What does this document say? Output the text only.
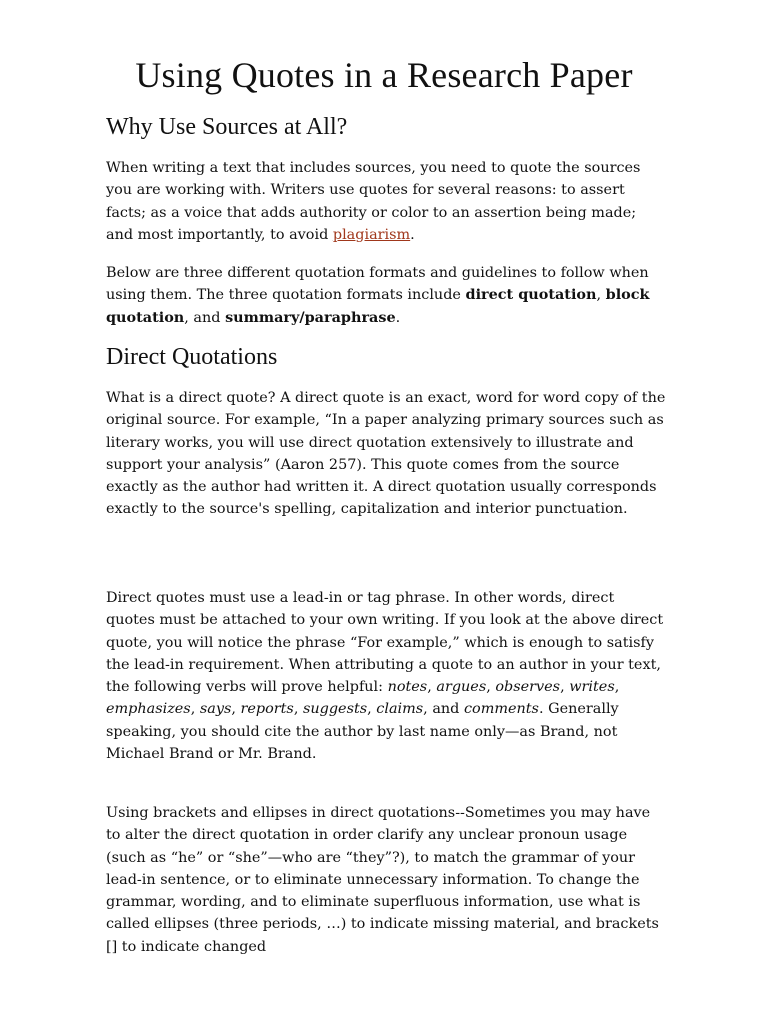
Using Quotes in a Research Paper
Why Use Sources at All?

When writing a text that includes sources, you need to quote the sources you are working with. Writers use quotes for several reasons: to assert facts; as a voice that adds authority or color to an assertion being made; and most importantly, to avoid plagiarism.

Below are three different quotation formats and guidelines to follow when using them. The three quotation formats include direct quotation, block quotation, and summary/paraphrase.

Direct Quotations

What is a direct quote? A direct quote is an exact, word for word copy of the original source. For example, “In a paper analyzing primary sources such as literary works, you will use direct quotation extensively to illustrate and support your analysis” (Aaron 257). This quote comes from the source exactly as the author had written it. A direct quotation usually corresponds exactly to the source's spelling, capitalization and interior punctuation.

Direct quotes must use a lead-in or tag phrase. In other words, direct quotes must be attached to your own writing. If you look at the above direct quote, you will notice the phrase “For example,” which is enough to satisfy the lead-in requirement. When attributing a quote to an author in your text, the following verbs will prove helpful: notes, argues, observes, writes, emphasizes, says, reports, suggests, claims, and comments. Generally speaking, you should cite the author by last name only—as Brand, not Michael Brand or Mr. Brand.

Using brackets and ellipses in direct quotations--Sometimes you may have to alter the direct quotation in order clarify any unclear pronoun usage (such as “he” or “she”—who are “they”?), to match the grammar of your lead-in sentence, or to eliminate unnecessary information. To change the grammar, wording, and to eliminate superfluous information, use what is called ellipses (three periods, …) to indicate missing material, and brackets [] to indicate changed
